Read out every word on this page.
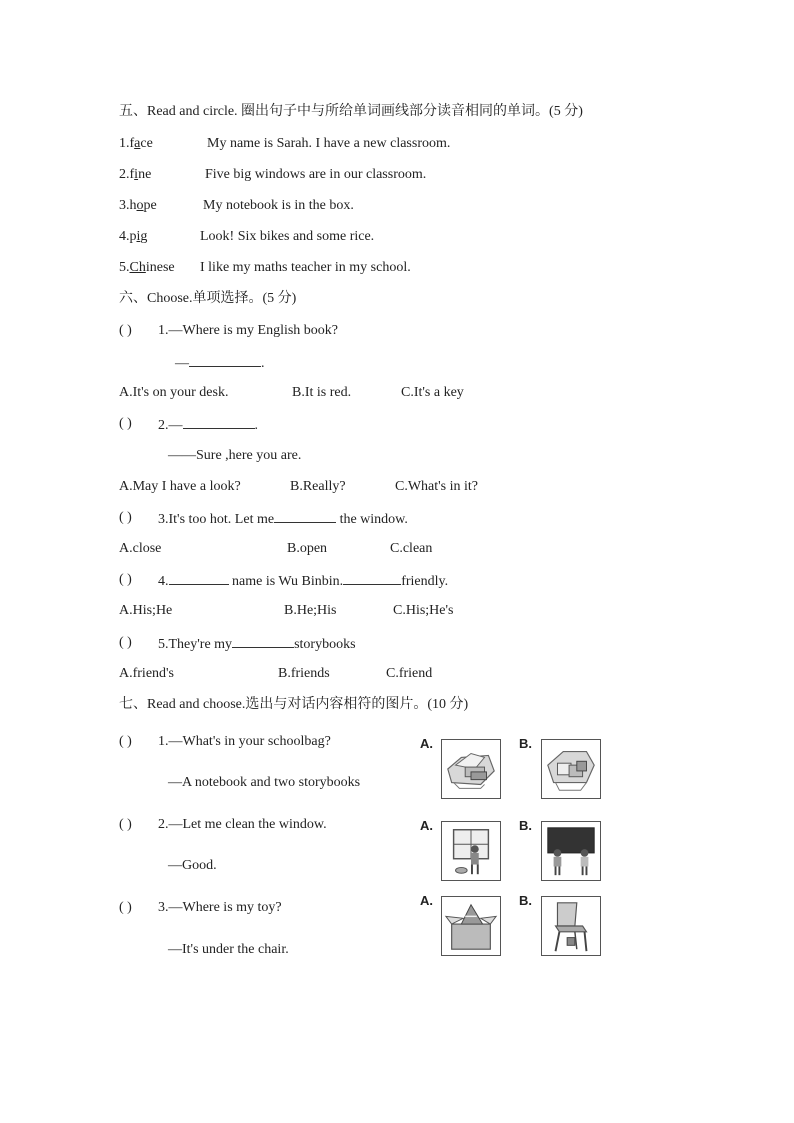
五、Read and circle. 圈出句子中与所给单词画线部分读音相同的单词。(5 分)
1.face	My name is Sarah. I have a new classroom.
2.fine	Five big windows are in our classroom.
3.hope	My notebook is in the box.
4.pig	Look! Six bikes and some rice.
5.Chinese I like my maths teacher in my school.
六、Choose.单项选择。(5 分)
( ) 1.—Where is my English book?
—	.
A.It's on your desk.	B.It is red.	C.It's a key
( ) 2.—	.
——Sure ,here you are.
A.May I have a look?	B.Really?	C.What's in it?
( ) 3.It's too hot. Let me	the window.
A.close	B.open	C.clean
( ) 4.	name is Wu Binbin.	friendly.
A.His;He	B.He;His	C.His;He's
( ) 5.They're my	storybooks
A.friend's	B.friends	C.friend
七、Read and choose.选出与对话内容相符的图片。(10 分)
( ) 1.—What's in your schoolbag?
—A notebook and two storybooks
( ) 2.—Let me clean the window.
—Good.
( ) 3.—Where is my toy?
—It's under the chair.
A.	B.
A.	B.
A.	B.
